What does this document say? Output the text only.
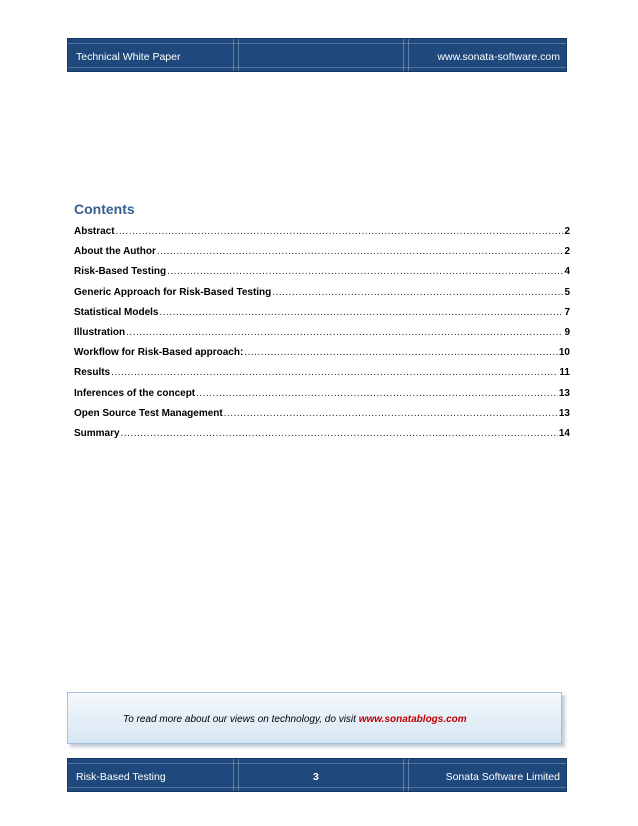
Technical White Paper	www.sonata-software.com
Contents
Abstract .....	2
About the Author .....	2
Risk-Based Testing .....	4
Generic Approach for Risk-Based Testing .....	5
Statistical Models .....	7
Illustration .....	9
Workflow for Risk-Based approach: .....	10
Results .....	11
Inferences of the concept .....	13
Open Source Test Management .....	13
Summary .....	14
To read more about our views on technology, do visit www.sonatablogs.com
Risk-Based Testing	3	Sonata Software Limited
